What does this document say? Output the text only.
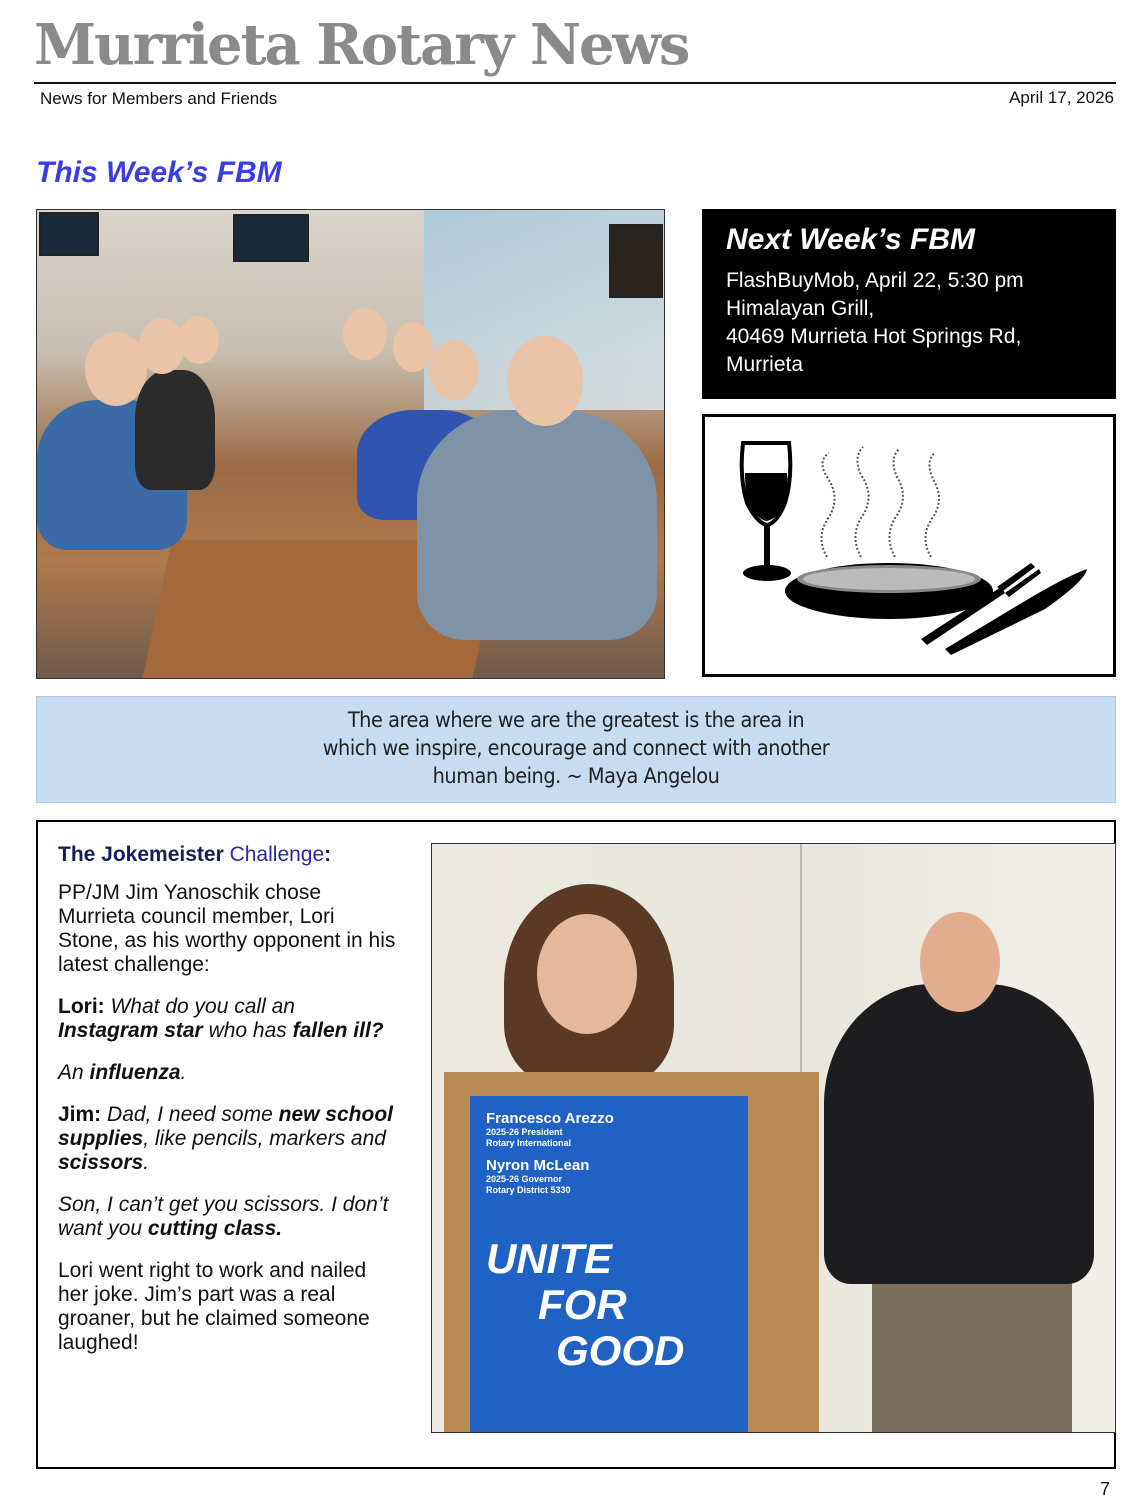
Murrieta Rotary News
News for Members and Friends	April 17, 2026
This Week’s FBM
Next Week’s FBM
FlashBuyMob, April 22, 5:30 pm
Himalayan Grill,
40469 Murrieta Hot Springs Rd,
Murrieta
The area where we are the greatest is the area in which we inspire, encourage and connect with another human being. ~ Maya Angelou
The Jokemeister Challenge:

PP/JM Jim Yanoschik chose Murrieta council member, Lori Stone, as his worthy opponent in his latest challenge:

Lori: What do you call an Instagram star who has fallen ill?

An influenza.

Jim: Dad, I need some new school supplies, like pencils, markers and scissors.

Son, I can’t get you scissors. I don’t want you cutting class.

Lori went right to work and nailed her joke. Jim’s part was a real groaner, but he claimed someone laughed!

Francesco Arezzo
2025-26 President
Rotary International
Nyron McLean
2025-26 Governor
Rotary District 5330
UNITE
FOR
GOOD
7
